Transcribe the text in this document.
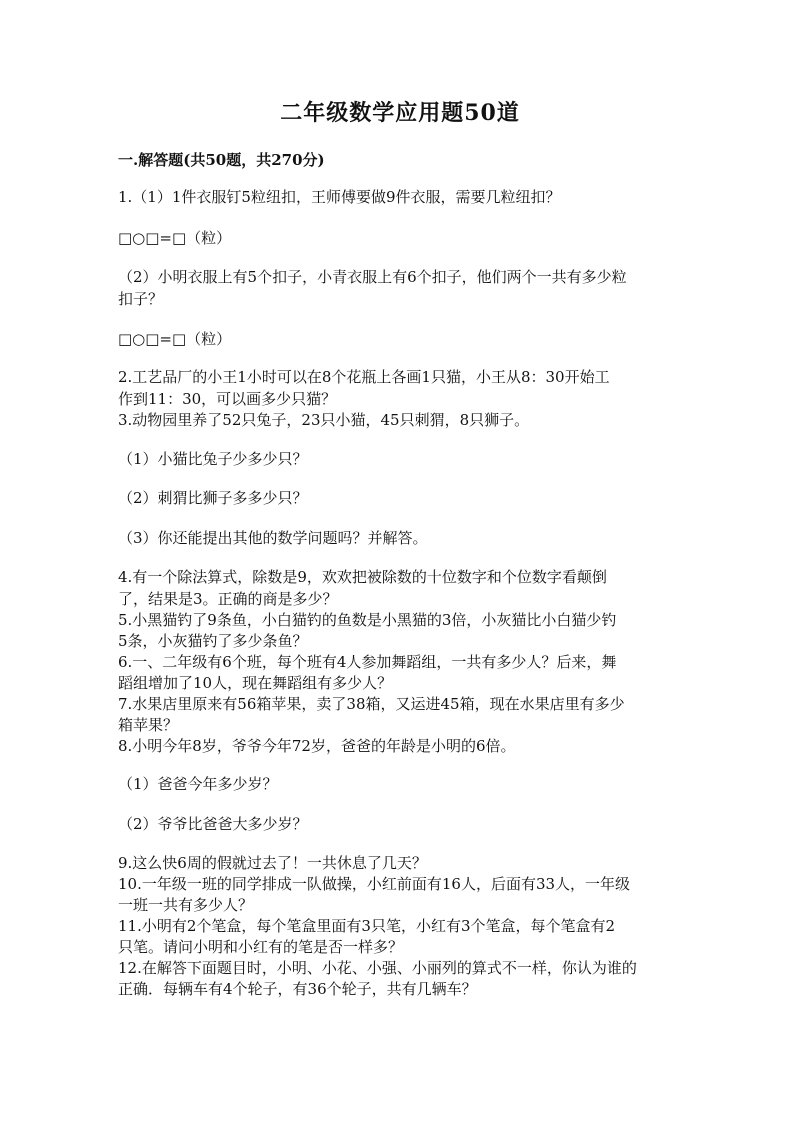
二年级数学应用题50道
一.解答题(共50题，共270分)
1.（1）1件衣服钉5粒纽扣，王师傅要做9件衣服，需要几粒纽扣？
□○□=□（粒）
（2）小明衣服上有5个扣子，小青衣服上有6个扣子，他们两个一共有多少粒
扣子？
□○□=□（粒）
2.工艺品厂的小王1小时可以在8个花瓶上各画1只猫，小王从8：30开始工
作到11：30，可以画多少只猫？
3.动物园里养了52只兔子，23只小猫，45只刺猬，8只狮子。
（1）小猫比兔子少多少只？
（2）刺猬比狮子多多少只？
（3）你还能提出其他的数学问题吗？并解答。
4.有一个除法算式，除数是9，欢欢把被除数的十位数字和个位数字看颠倒
了，结果是3。正确的商是多少？
5.小黑猫钓了9条鱼，小白猫钓的鱼数是小黑猫的3倍，小灰猫比小白猫少钓
5条，小灰猫钓了多少条鱼？
6.一、二年级有6个班，每个班有4人参加舞蹈组，一共有多少人？后来，舞
蹈组增加了10人，现在舞蹈组有多少人？
7.水果店里原来有56箱苹果，卖了38箱，又运进45箱，现在水果店里有多少
箱苹果？
8.小明今年8岁，爷爷今年72岁，爸爸的年龄是小明的6倍。
（1）爸爸今年多少岁？
（2）爷爷比爸爸大多少岁？
9.这么快6周的假就过去了！一共休息了几天？
10.一年级一班的同学排成一队做操，小红前面有16人，后面有33人，一年级
一班一共有多少人？
11.小明有2个笔盒，每个笔盒里面有3只笔，小红有3个笔盒，每个笔盒有2
只笔。请问小明和小红有的笔是否一样多？
12.在解答下面题目时，小明、小花、小强、小丽列的算式不一样，你认为谁的
正确．每辆车有4个轮子，有36个轮子，共有几辆车？
